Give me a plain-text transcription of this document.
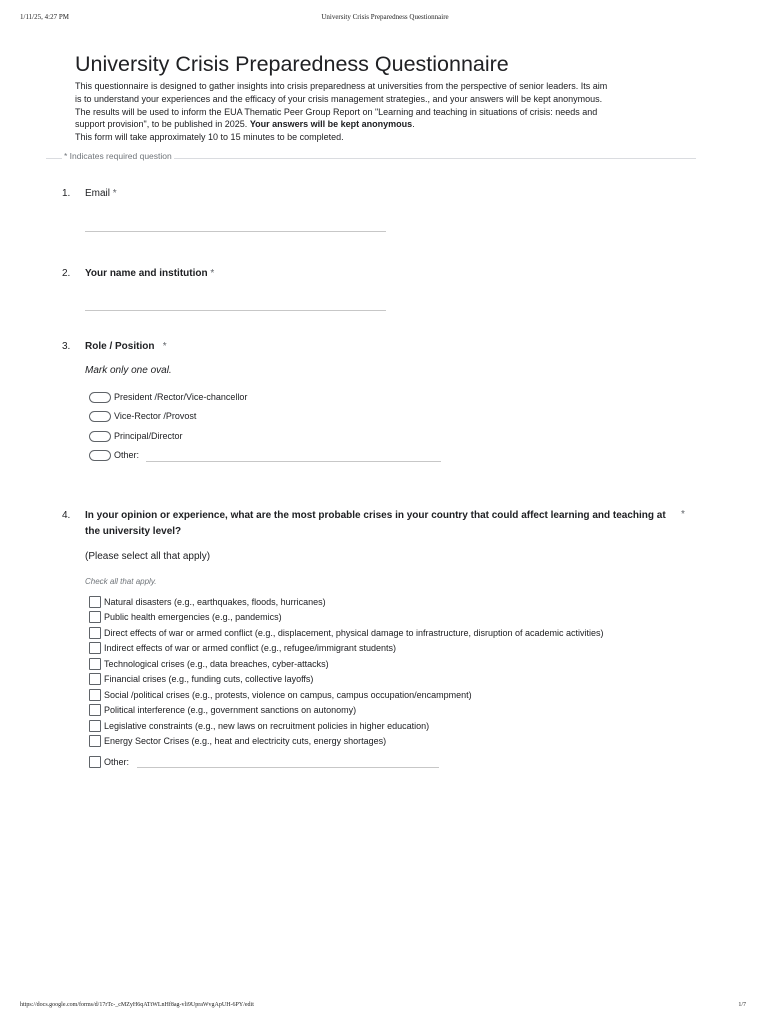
1/11/25, 4:27 PM	University Crisis Preparedness Questionnaire
University Crisis Preparedness Questionnaire

This questionnaire is designed to gather insights into crisis preparedness at universities from the perspective of senior leaders. Its aim

is to understand your experiences and the efficacy of your crisis management strategies., and your answers will be kept anonymous.

The results will be used to inform the EUA Thematic Peer Group Report on "Learning and teaching in situations of crisis: needs and

support provision", to be published in 2025. Your answers will be kept anonymous.

This form will take approximately 10 to 15 minutes to be completed.

* Indicates required question
1. Email *
2. Your name and institution *
3. Role / Position *
Mark only one oval.
President /Rector/Vice-chancellor
Vice-Rector /Provost
Principal/Director
Other:
4. In your opinion or experience, what are the most probable crises in your country that could affect learning and teaching at the university level?
*
(Please select all that apply)
Check all that apply.
Natural disasters (e.g., earthquakes, floods, hurricanes)
Public health emergencies (e.g., pandemics)
Direct effects of war or armed conflict (e.g., displacement, physical damage to infrastructure, disruption of academic activities)
Indirect effects of war or armed conflict (e.g., refugee/immigrant students)
Technological crises (e.g., data breaches, cyber-attacks)
Financial crises (e.g., funding cuts, collective layoffs)
Social /political crises (e.g., protests, violence on campus, campus occupation/encampment)
Political interference (e.g., government sanctions on autonomy)
Legislative constraints (e.g., new laws on recruitment policies in higher education)
Energy Sector Crises (e.g., heat and electricity cuts, energy shortages)
Other:
https://docs.google.com/forms/d/17rTc-_cMZyH6qATtWLnHf8ag-vli9UpraWvgApUH-6PY/edit	1/7
